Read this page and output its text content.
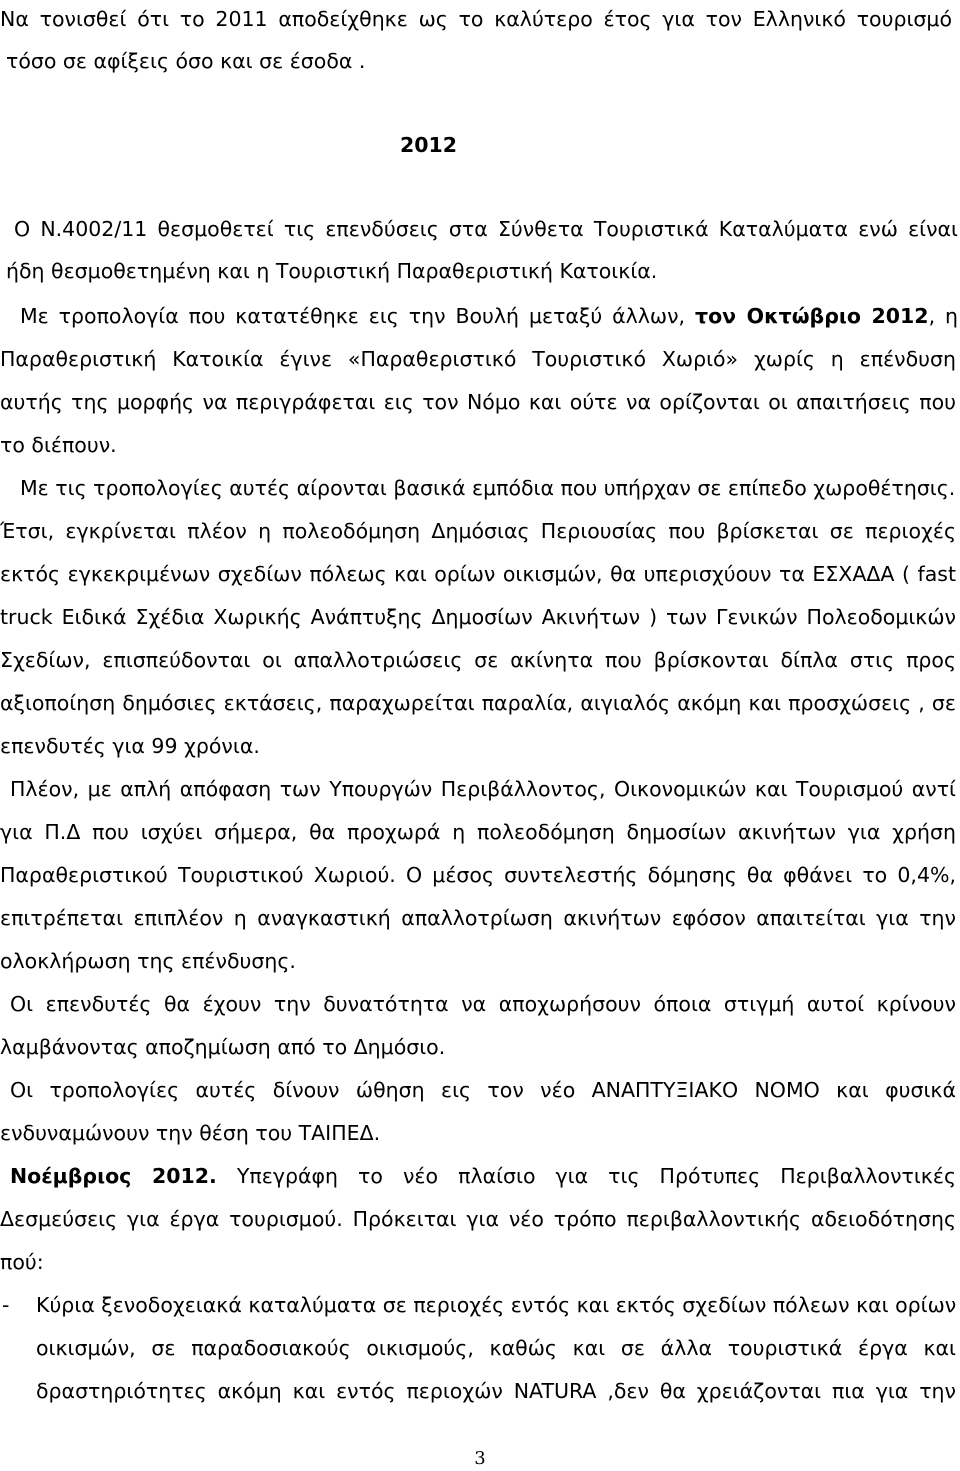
Να τονισθεί ότι το 2011 αποδείχθηκε ως το καλύτερο έτος για τον Ελληνικό τουρισμό
τόσο σε αφίξεις όσο και σε έσοδα .
2012
Ο Ν.4002/11 θεσμοθετεί τις επενδύσεις στα Σύνθετα Τουριστικά Καταλύματα ενώ είναι
ήδη θεσμοθετημένη και η Τουριστική Παραθεριστική Κατοικία.
Με τροπολογία που κατατέθηκε εις την Βουλή μεταξύ άλλων, τον Οκτώβριο 2012, η
Παραθεριστική Κατοικία έγινε «Παραθεριστικό Τουριστικό Χωριό» χωρίς η επένδυση
αυτής της μορφής να περιγράφεται εις τον Νόμο και ούτε να ορίζονται οι απαιτήσεις που
το διέπουν.
Με τις τροπολογίες αυτές αίρονται βασικά εμπόδια που υπήρχαν σε επίπεδο χωροθέτησις.
Έτσι, εγκρίνεται πλέον η πολεοδόμηση Δημόσιας Περιουσίας που βρίσκεται σε περιοχές
εκτός εγκεκριμένων σχεδίων πόλεως και ορίων οικισμών, θα υπερισχύουν τα ΕΣΧΑΔΑ ( fast
truck Ειδικά Σχέδια Χωρικής Ανάπτυξης Δημοσίων Ακινήτων ) των Γενικών Πολεοδομικών
Σχεδίων, επισπεύδονται οι απαλλοτριώσεις σε ακίνητα που βρίσκονται δίπλα στις προς
αξιοποίηση δημόσιες εκτάσεις, παραχωρείται παραλία, αιγιαλός ακόμη και προσχώσεις , σε
επενδυτές για 99 χρόνια.
Πλέον, με απλή απόφαση των Υπουργών Περιβάλλοντος, Οικονομικών και Τουρισμού αντί
για Π.Δ που ισχύει σήμερα, θα προχωρά η πολεοδόμηση δημοσίων ακινήτων για χρήση
Παραθεριστικού Τουριστικού Χωριού. Ο μέσος συντελεστής δόμησης θα φθάνει το 0,4%,
επιτρέπεται επιπλέον η αναγκαστική απαλλοτρίωση ακινήτων εφόσον απαιτείται για την
ολοκλήρωση της επένδυσης.
Οι επενδυτές θα έχουν την δυνατότητα να αποχωρήσουν όποια στιγμή αυτοί κρίνουν
λαμβάνοντας αποζημίωση από το Δημόσιο.
Οι τροπολογίες αυτές δίνουν ώθηση εις τον νέο ΑΝΑΠΤΥΞΙΑΚΟ ΝΟΜΟ και φυσικά
ενδυναμώνουν την θέση του ΤΑΙΠΕΔ.
Νοέμβριος 2012. Υπεγράφη το νέο πλαίσιο για τις Πρότυπες Περιβαλλοντικές
Δεσμεύσεις για έργα τουρισμού. Πρόκειται για νέο τρόπο περιβαλλοντικής αδειοδότησης
πού:
-	Κύρια ξενοδοχειακά καταλύματα σε περιοχές εντός και εκτός σχεδίων πόλεων και ορίων
οικισμών, σε παραδοσιακούς οικισμούς, καθώς και σε άλλα τουριστικά έργα και
δραστηριότητες ακόμη και εντός περιοχών NATURA ,δεν θα χρειάζονται πια για την
3
